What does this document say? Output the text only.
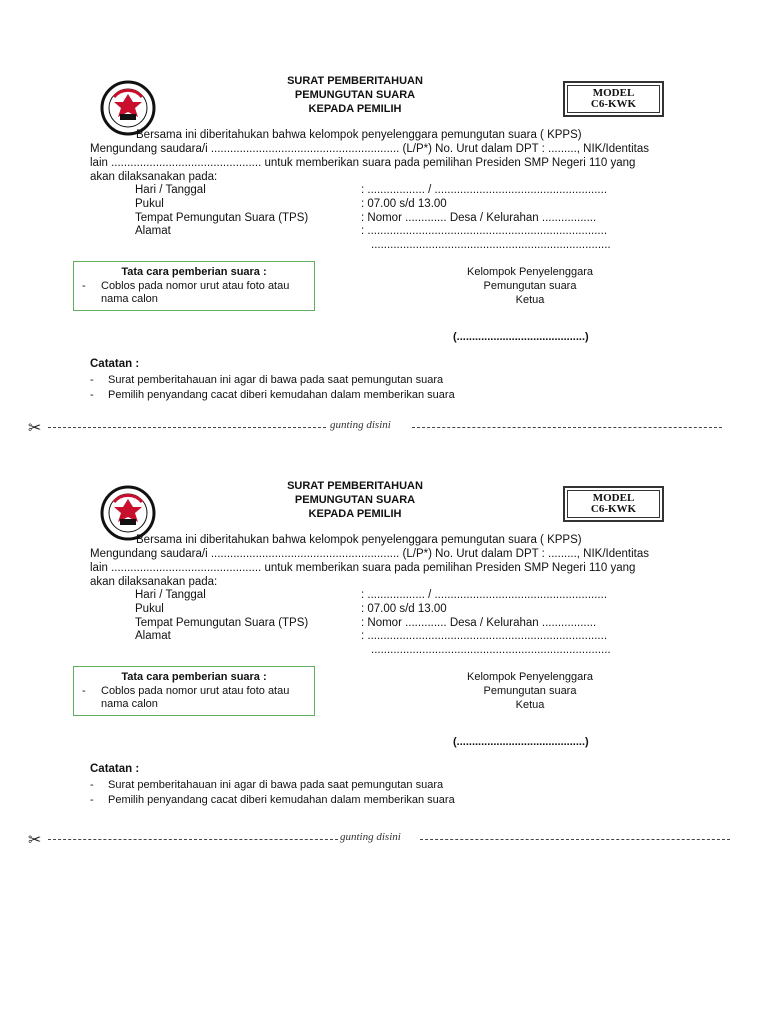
SURAT PEMBERITAHUAN
PEMUNGUTAN SUARA
KEPADA PEMILIH
MODEL
C6-KWK
Bersama ini diberitahukan bahwa kelompok penyelenggara pemungutan suara ( KPPS)
Mengundang saudara/i ........................................................... (L/P*) No. Urut dalam DPT : ........., NIK/Identitas
lain ............................................... untuk memberikan suara pada pemilihan Presiden SMP Negeri 110 yang
akan dilaksanakan pada:
Hari / Tanggal	: .................. / ......................................................
Pukul	: 07.00 s/d 13.00
Tempat Pemungutan Suara (TPS)	: Nomor ............. Desa / Kelurahan .................
Alamat	: ...........................................................................
...........................................................................
Tata cara pemberian suara :
- Coblos pada nomor urut atau foto atau nama calon
Kelompok Penyelenggara
Pemungutan suara
Ketua
(..........................................)
Catatan :
- Surat pemberitahauan ini agar di bawa pada saat pemungutan suara
- Pemilih penyandang cacat diberi kemudahan dalam memberikan suara
✂	gunting disini
SURAT PEMBERITAHUAN
PEMUNGUTAN SUARA
KEPADA PEMILIH
MODEL
C6-KWK
Bersama ini diberitahukan bahwa kelompok penyelenggara pemungutan suara ( KPPS)
Mengundang saudara/i ........................................................... (L/P*) No. Urut dalam DPT : ........., NIK/Identitas
lain ............................................... untuk memberikan suara pada pemilihan Presiden SMP Negeri 110 yang
akan dilaksanakan pada:
Hari / Tanggal	: .................. / ......................................................
Pukul	: 07.00 s/d 13.00
Tempat Pemungutan Suara (TPS)	: Nomor ............. Desa / Kelurahan .................
Alamat	: ...........................................................................
...........................................................................
Tata cara pemberian suara :
- Coblos pada nomor urut atau foto atau nama calon
Kelompok Penyelenggara
Pemungutan suara
Ketua
(..........................................)
Catatan :
- Surat pemberitahauan ini agar di bawa pada saat pemungutan suara
- Pemilih penyandang cacat diberi kemudahan dalam memberikan suara
✂	gunting disini
